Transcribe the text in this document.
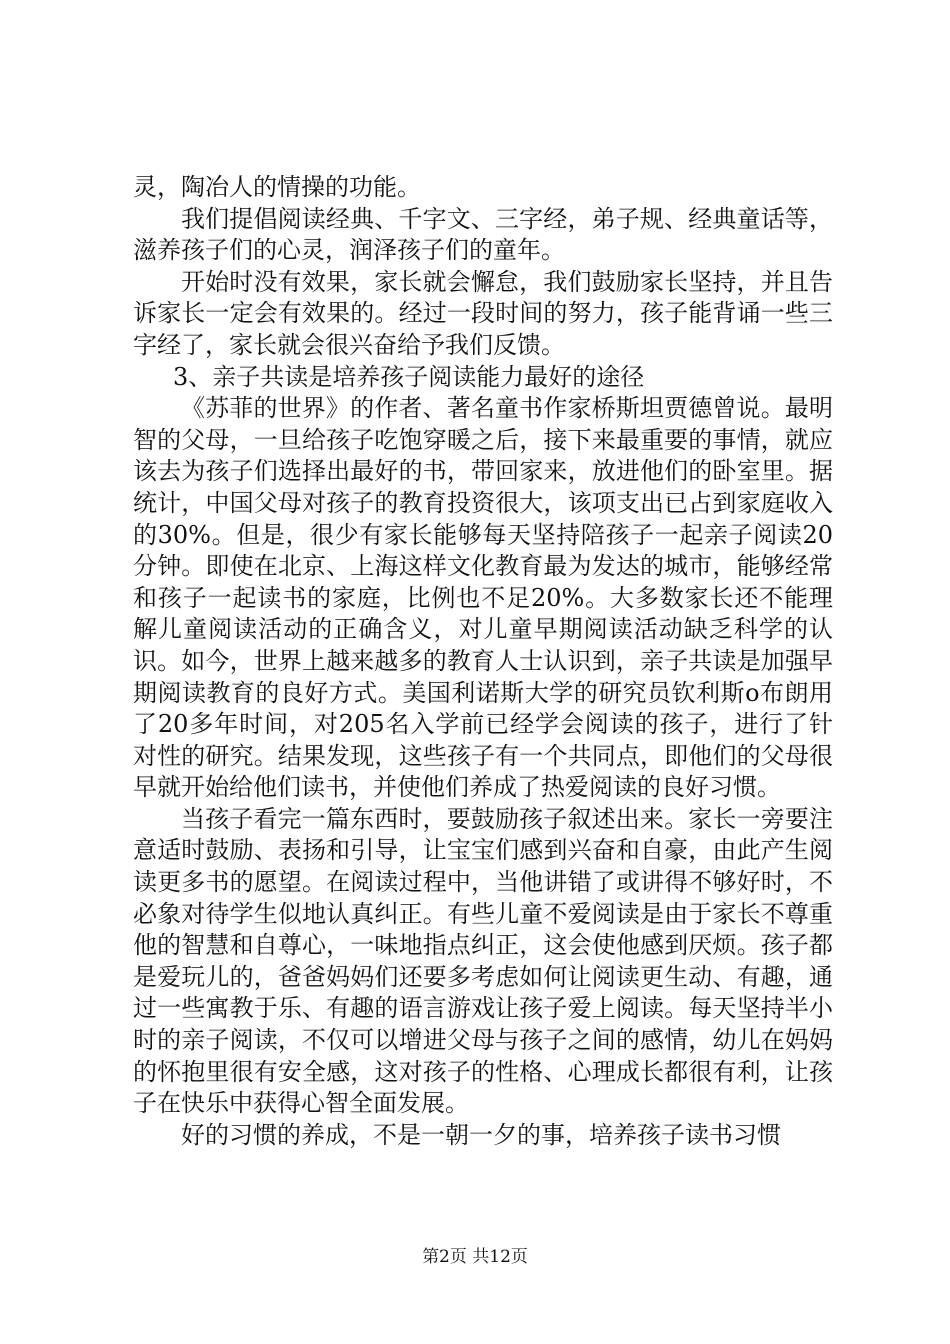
灵，陶冶人的情操的功能。

我们提倡阅读经典、千字文、三字经，弟子规、经典童话等，滋养孩子们的心灵，润泽孩子们的童年。

开始时没有效果，家长就会懈怠，我们鼓励家长坚持，并且告诉家长一定会有效果的。经过一段时间的努力，孩子能背诵一些三字经了，家长就会很兴奋给予我们反馈。

3、亲子共读是培养孩子阅读能力最好的途径

《苏菲的世界》的作者、著名童书作家桥斯坦贾德曾说。最明智的父母，一旦给孩子吃饱穿暖之后，接下来最重要的事情，就应该去为孩子们选择出最好的书，带回家来，放进他们的卧室里。据统计，中国父母对孩子的教育投资很大，该项支出已占到家庭收入的30%。但是，很少有家长能够每天坚持陪孩子一起亲子阅读20分钟。即使在北京、上海这样文化教育最为发达的城市，能够经常和孩子一起读书的家庭，比例也不足20%。大多数家长还不能理解儿童阅读活动的正确含义，对儿童早期阅读活动缺乏科学的认识。如今，世界上越来越多的教育人士认识到，亲子共读是加强早期阅读教育的良好方式。美国利诺斯大学的研究员钦利斯o布朗用了20多年时间，对205名入学前已经学会阅读的孩子，进行了针对性的研究。结果发现，这些孩子有一个共同点，即他们的父母很早就开始给他们读书，并使他们养成了热爱阅读的良好习惯。

当孩子看完一篇东西时，要鼓励孩子叙述出来。家长一旁要注意适时鼓励、表扬和引导，让宝宝们感到兴奋和自豪，由此产生阅读更多书的愿望。在阅读过程中，当他讲错了或讲得不够好时，不必象对待学生似地认真纠正。有些儿童不爱阅读是由于家长不尊重他的智慧和自尊心，一味地指点纠正，这会使他感到厌烦。孩子都是爱玩儿的，爸爸妈妈们还要多考虑如何让阅读更生动、有趣，通过一些寓教于乐、有趣的语言游戏让孩子爱上阅读。每天坚持半小时的亲子阅读，不仅可以增进父母与孩子之间的感情，幼儿在妈妈的怀抱里很有安全感，这对孩子的性格、心理成长都很有利，让孩子在快乐中获得心智全面发展。

好的习惯的养成，不是一朝一夕的事，培养孩子读书习惯

第2页 共12页
